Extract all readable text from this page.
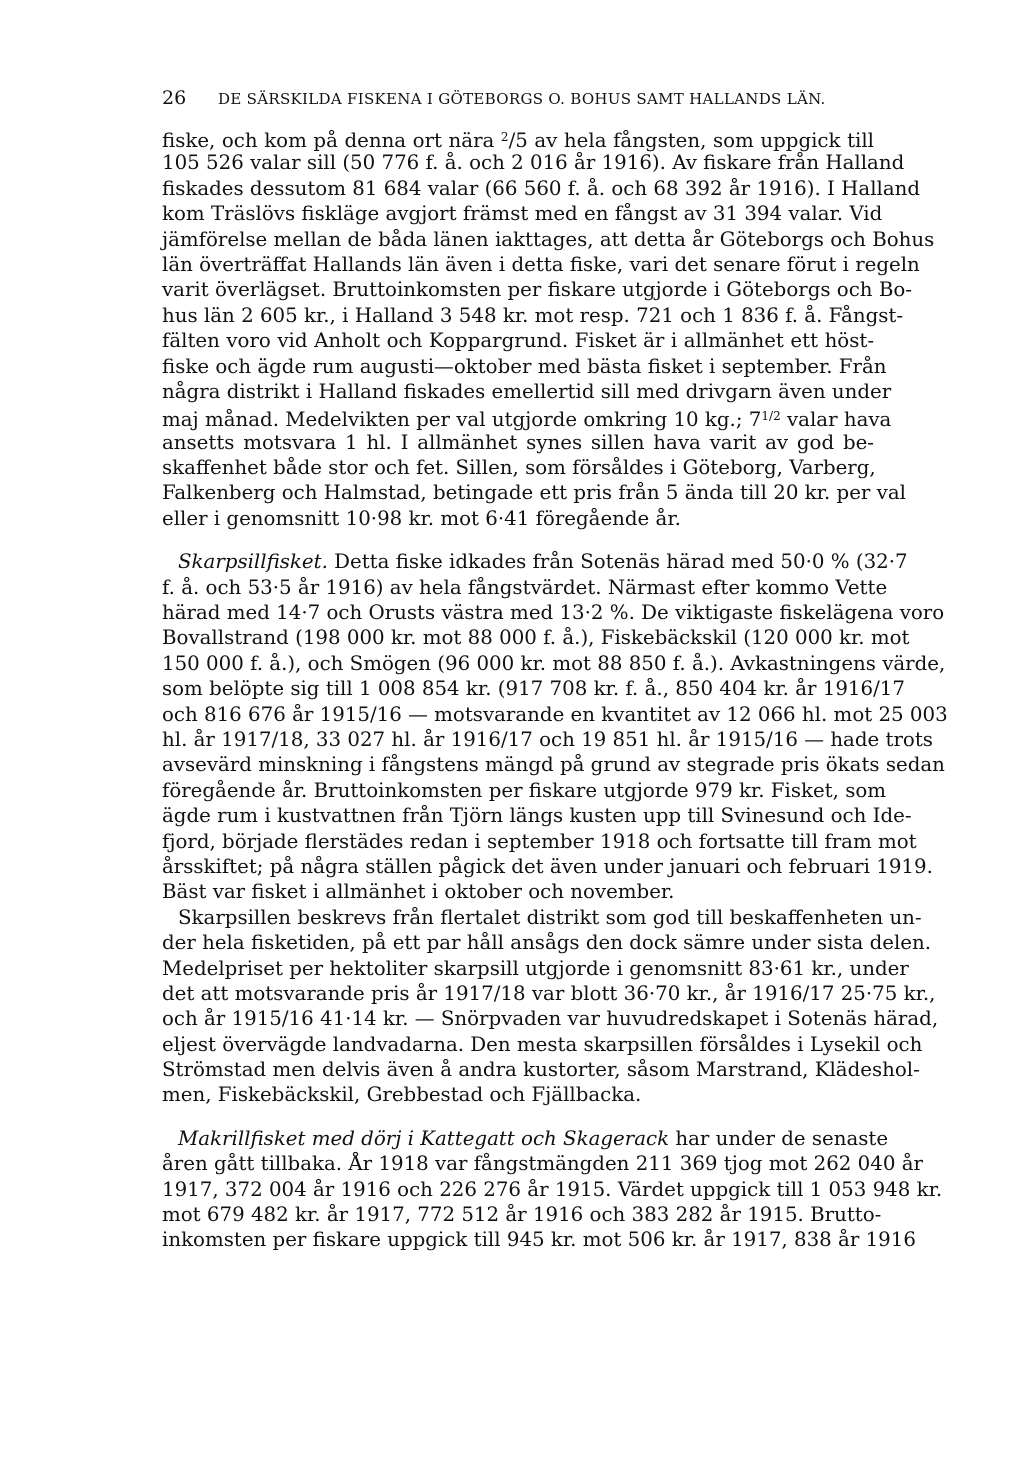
26 DE SÄRSKILDA FISKENA I GÖTEBORGS O. BOHUS SAMT HALLANDS LÄN.
fiske, och kom på denna ort nära $^2$/5 av hela fångsten, som uppgick till
105 526 valar sill (50 776 f. å. och 2 016 år 1916). Av fiskare från Halland
fiskades dessutom 81 684 valar (66 560 f. å. och 68 392 år 1916). I Halland
kom Träslövs fiskläge avgjort främst med en fångst av 31 394 valar. Vid
jämförelse mellan de båda länen iakttages, att detta år Göteborgs och Bohus
län överträffat Hallands län även i detta fiske, vari det senare förut i regeln
varit överlägset. Bruttoinkomsten per fiskare utgjorde i Göteborgs och Bo-
hus län 2 605 kr., i Halland 3 548 kr. mot resp. 721 och 1 836 f. å. Fångst-
fälten voro vid Anholt och Koppargrund. Fisket är i allmänhet ett höst-
fiske och ägde rum augusti—oktober med bästa fisket i september. Från
några distrikt i Halland fiskades emellertid sill med drivgarn även under
maj månad. Medelvikten per val utgjorde omkring 10 kg.; $7^{1/2}$ valar hava
ansetts motsvara 1 hl. I allmänhet synes sillen hava varit av god be-
skaffenhet både stor och fet. Sillen, som försåldes i Göteborg, Varberg,
Falkenberg och Halmstad, betingade ett pris från 5 ända till 20 kr. per val
eller i genomsnitt 10·98 kr. mot 6·41 föregående år.
Skarpsillfisket. Detta fiske idkades från Sotenäs härad med 50·0 % (32·7
f. å. och 53·5 år 1916) av hela fångstvärdet. Närmast efter kommo Vette
härad med 14·7 och Orusts västra med 13·2 %. De viktigaste fiskelägena voro
Bovallstrand (198 000 kr. mot 88 000 f. å.), Fiskebäckskil (120 000 kr. mot
150 000 f. å.), och Smögen (96 000 kr. mot 88 850 f. å.). Avkastningens värde,
som belöpte sig till 1 008 854 kr. (917 708 kr. f. å., 850 404 kr. år 1916/17
och 816 676 år 1915/16 — motsvarande en kvantitet av 12 066 hl. mot 25 003
hl. år 1917/18, 33 027 hl. år 1916/17 och 19 851 hl. år 1915/16 — hade trots
avsevärd minskning i fångstens mängd på grund av stegrade pris ökats sedan
föregående år. Bruttoinkomsten per fiskare utgjorde 979 kr. Fisket, som
ägde rum i kustvattnen från Tjörn längs kusten upp till Svinesund och Ide-
fjord, började flerstädes redan i september 1918 och fortsatte till fram mot
årsskiftet; på några ställen pågick det även under januari och februari 1919.
Bäst var fisket i allmänhet i oktober och november.
Skarpsillen beskrevs från flertalet distrikt som god till beskaffenheten un-
der hela fisketiden, på ett par håll ansågs den dock sämre under sista delen.
Medelpriset per hektoliter skarpsill utgjorde i genomsnitt 83·61 kr., under
det att motsvarande pris år 1917/18 var blott 36·70 kr., år 1916/17 25·75 kr.,
och år 1915/16 41·14 kr. — Snörpvaden var huvudredskapet i Sotenäs härad,
eljest övervägde landvadarna. Den mesta skarpsillen försåldes i Lysekil och
Strömstad men delvis även å andra kustorter, såsom Marstrand, Klädeshol-
men, Fiskebäckskil, Grebbestad och Fjällbacka.
Makrillfisket med dörj i Kattegatt och Skagerack har under de senaste
åren gått tillbaka. År 1918 var fångstmängden 211 369 tjog mot 262 040 år
1917, 372 004 år 1916 och 226 276 år 1915. Värdet uppgick till 1 053 948 kr.
mot 679 482 kr. år 1917, 772 512 år 1916 och 383 282 år 1915. Brutto-
inkomsten per fiskare uppgick till 945 kr. mot 506 kr. år 1917, 838 år 1916
